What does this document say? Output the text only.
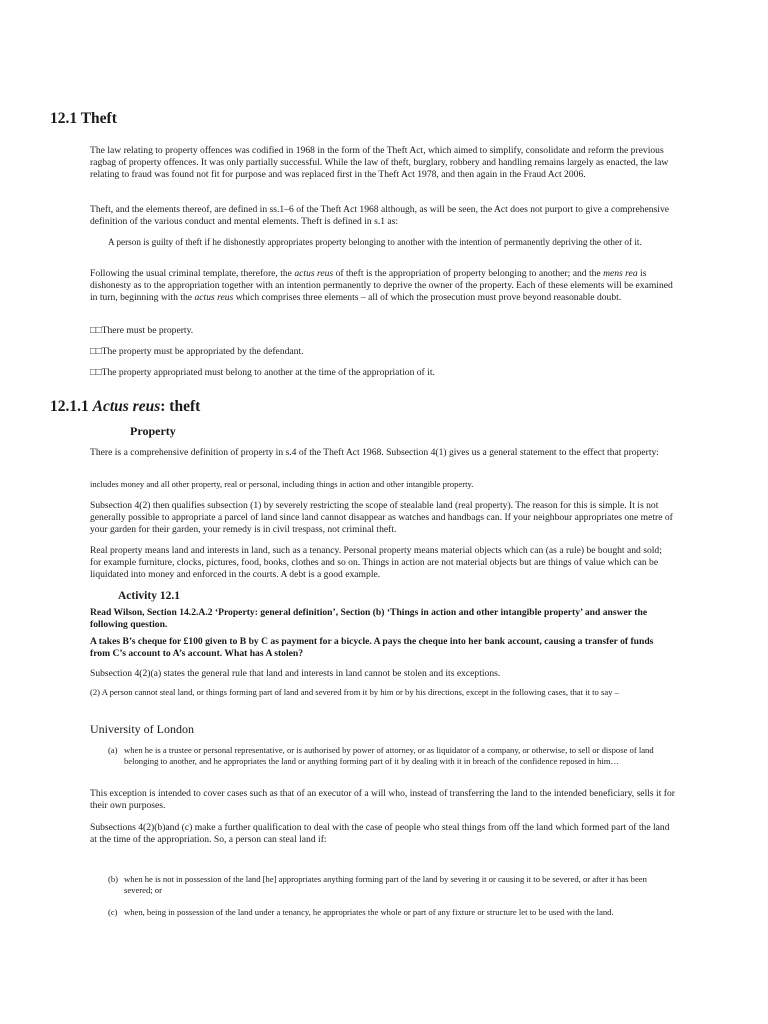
12.1 Theft
The law relating to property offences was codified in 1968 in the form of the Theft Act, which aimed to simplify, consolidate and reform the previous ragbag of property offences. It was only partially successful. While the law of theft, burglary, robbery and handling remains largely as enacted, the law relating to fraud was found not fit for purpose and was replaced first in the Theft Act 1978, and then again in the Fraud Act 2006.
Theft, and the elements thereof, are defined in ss.1–6 of the Theft Act 1968 although, as will be seen, the Act does not purport to give a comprehensive definition of the various conduct and mental elements. Theft is defined in s.1 as:
A person is guilty of theft if he dishonestly appropriates property belonging to another with the intention of permanently depriving the other of it.
Following the usual criminal template, therefore, the actus reus of theft is the appropriation of property belonging to another; and the mens rea is dishonesty as to the appropriation together with an intention permanently to deprive the owner of the property. Each of these elements will be examined in turn, beginning with the actus reus which comprises three elements – all of which the prosecution must prove beyond reasonable doubt.
□□There must be property.
□□The property must be appropriated by the defendant.
□□The property appropriated must belong to another at the time of the appropriation of it.
12.1.1 Actus reus: theft
Property
There is a comprehensive definition of property in s.4 of the Theft Act 1968. Subsection 4(1) gives us a general statement to the effect that property:
includes money and all other property, real or personal, including things in action and other intangible property.
Subsection 4(2) then qualifies subsection (1) by severely restricting the scope of stealable land (real property). The reason for this is simple. It is not generally possible to appropriate a parcel of land since land cannot disappear as watches and handbags can. If your neighbour appropriates one metre of your garden for their garden, your remedy is in civil trespass, not criminal theft.
Real property means land and interests in land, such as a tenancy. Personal property means material objects which can (as a rule) be bought and sold; for example furniture, clocks, pictures, food, books, clothes and so on. Things in action are not material objects but are things of value which can be liquidated into money and enforced in the courts. A debt is a good example.
Activity 12.1
Read Wilson, Section 14.2.A.2 ‘Property: general definition’, Section (b) ‘Things in action and other intangible property’ and answer the following question.
A takes B’s cheque for £100 given to B by C as payment for a bicycle. A pays the cheque into her bank account, causing a transfer of funds from C’s account to A’s account. What has A stolen?
Subsection 4(2)(a) states the general rule that land and interests in land cannot be stolen and its exceptions.
(2) A person cannot steal land, or things forming part of land and severed from it by him or by his directions, except in the following cases, that it to say –
University of London
(a) when he is a trustee or personal representative, or is authorised by power of attorney, or as liquidator of a company, or otherwise, to sell or dispose of land belonging to another, and he appropriates the land or anything forming part of it by dealing with it in breach of the confidence reposed in him…
This exception is intended to cover cases such as that of an executor of a will who, instead of transferring the land to the intended beneficiary, sells it for their own purposes.
Subsections 4(2)(b)and (c) make a further qualification to deal with the case of people who steal things from off the land which formed part of the land at the time of the appropriation. So, a person can steal land if:
(b) when he is not in possession of the land [he] appropriates anything forming part of the land by severing it or causing it to be severed, or after it has been severed; or
(c) when, being in possession of the land under a tenancy, he appropriates the whole or part of any fixture or structure let to be used with the land.
